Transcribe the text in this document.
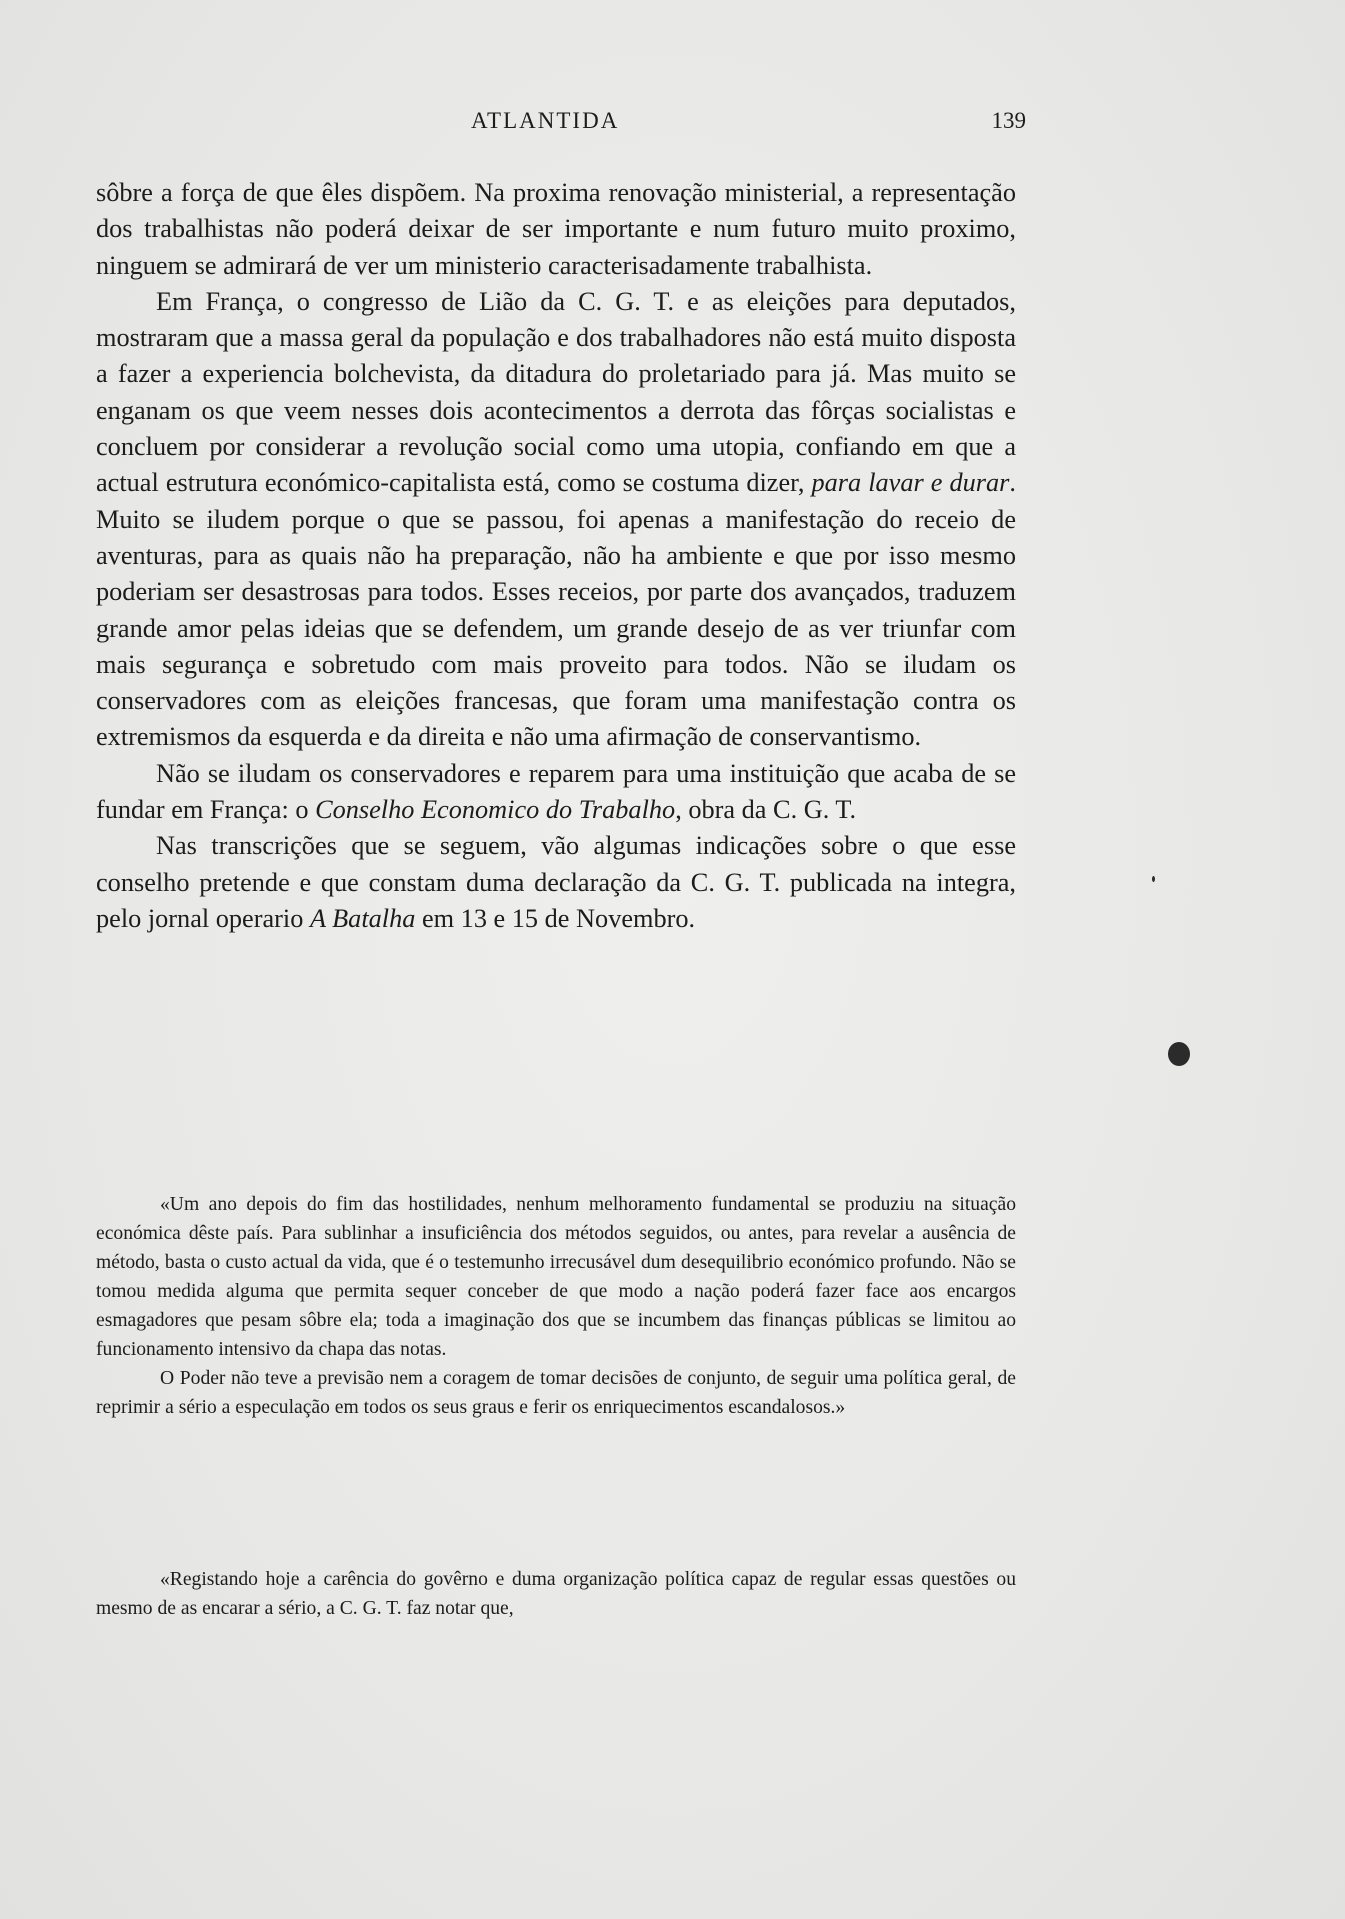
ATLANTIDA	139

sôbre a força de que êles dispõem. Na proxima renovação ministerial, a representação dos trabalhistas não poderá deixar de ser importante e num futuro muito proximo, ninguem se admirará de ver um ministerio caracterisadamente trabalhista.

Em França, o congresso de Lião da C. G. T. e as eleições para deputados, mostraram que a massa geral da população e dos trabalhadores não está muito disposta a fazer a experiencia bolchevista, da ditadura do proletariado para já. Mas muito se enganam os que veem nesses dois acontecimentos a derrota das fôrças socialistas e concluem por considerar a revolução social como uma utopia, confiando em que a actual estrutura económico-capitalista está, como se costuma dizer, para lavar e durar. Muito se iludem porque o que se passou, foi apenas a manifestação do receio de aventuras, para as quais não ha preparação, não ha ambiente e que por isso mesmo poderiam ser desastrosas para todos. Esses receios, por parte dos avançados, traduzem grande amor pelas ideias que se defendem, um grande desejo de as ver triunfar com mais segurança e sobretudo com mais proveito para todos. Não se iludam os conservadores com as eleições francesas, que foram uma manifestação contra os extremismos da esquerda e da direita e não uma afirmação de conservantismo.

Não se iludam os conservadores e reparem para uma instituição que acaba de se fundar em França: o Conselho Economico do Trabalho, obra da C. G. T.

Nas transcrições que se seguem, vão algumas indicações sobre o que esse conselho pretende e que constam duma declaração da C. G. T. publicada na integra, pelo jornal operario A Batalha em 13 e 15 de Novembro.

«Um ano depois do fim das hostilidades, nenhum melhoramento fundamental se produziu na situação económica dêste país. Para sublinhar a insuficiência dos métodos seguidos, ou antes, para revelar a ausência de método, basta o custo actual da vida, que é o testemunho irrecusável dum desequilibrio económico profundo. Não se tomou medida alguma que permita sequer conceber de que modo a nação poderá fazer face aos encargos esmagadores que pesam sôbre ela; toda a imaginação dos que se incumbem das finanças públicas se limitou ao funcionamento intensivo da chapa das notas.

O Poder não teve a previsão nem a coragem de tomar decisões de conjunto, de seguir uma política geral, de reprimir a sério a especulação em todos os seus graus e ferir os enriquecimentos escandalosos.»

«Registando hoje a carência do govêrno e duma organização política capaz de regular essas questões ou mesmo de as encarar a sério, a C. G. T. faz notar que,
